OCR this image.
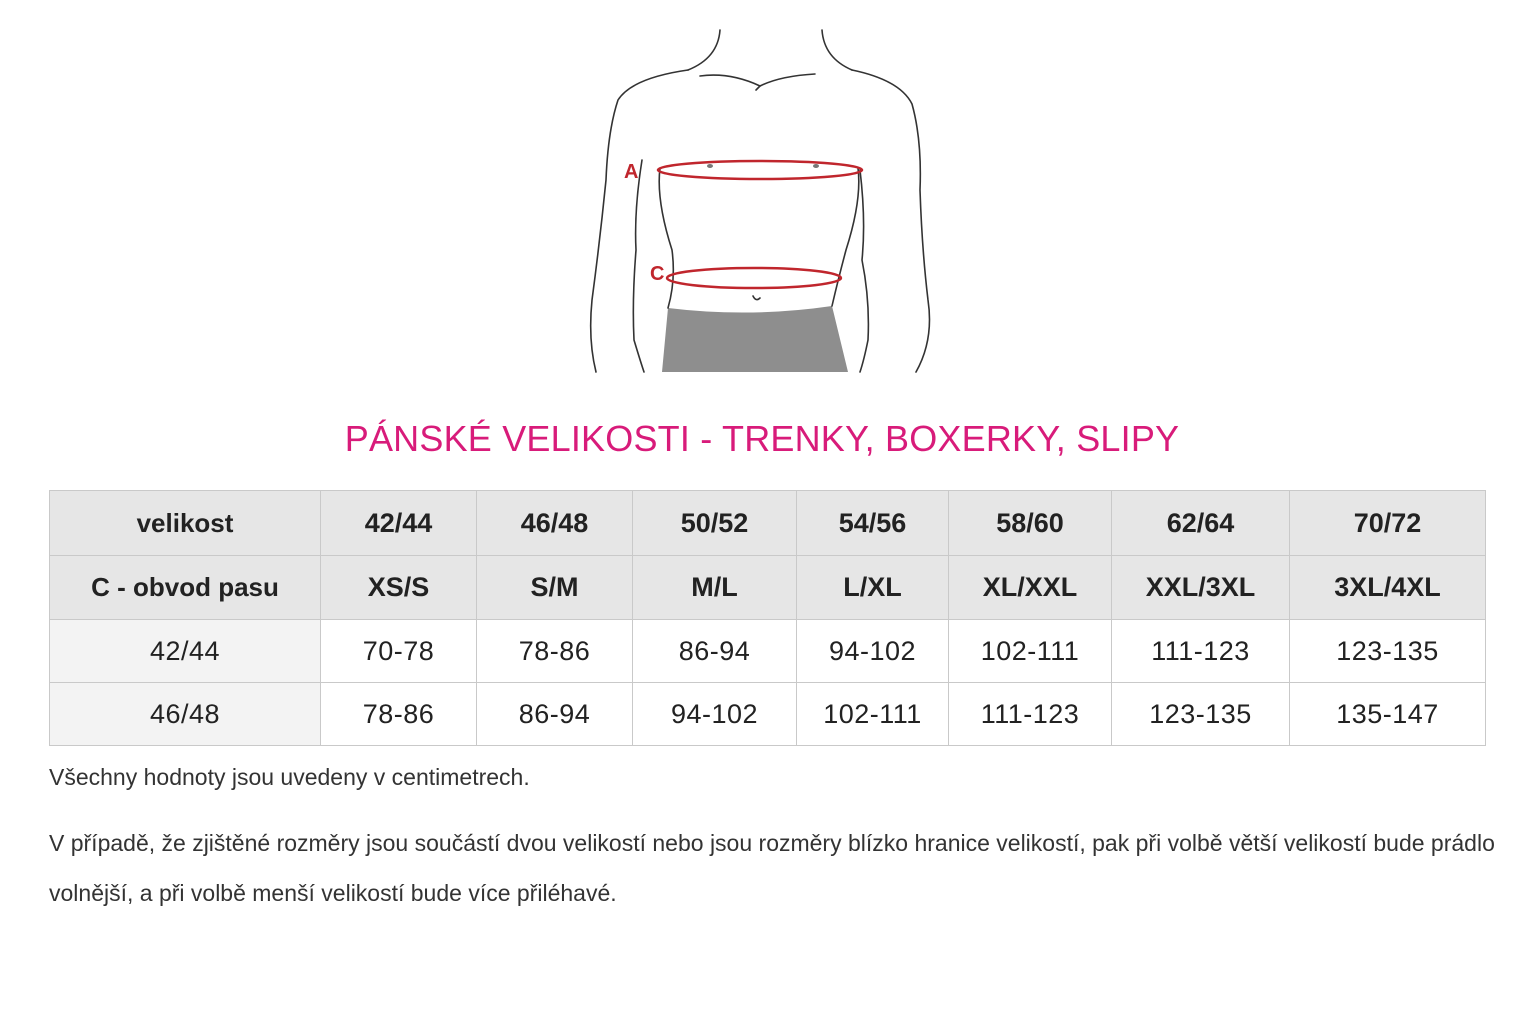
A
C
PÁNSKÉ VELIKOSTI - TRENKY, BOXERKY, SLIPY
velikost	42/44	46/48	50/52	54/56	58/60	62/64	70/72
C - obvod pasu	XS/S	S/M	M/L	L/XL	XL/XXL	XXL/3XL	3XL/4XL
42/44	70-78	78-86	86-94	94-102	102-111	111-123	123-135
46/48	78-86	86-94	94-102	102-111	111-123	123-135	135-147
Všechny hodnoty jsou uvedeny v centimetrech.
V případě, že zjištěné rozměry jsou součástí dvou velikostí nebo jsou rozměry blízko hranice velikostí, pak při volbě větší velikostí bude prádlo volnější, a při volbě menší velikostí bude více přiléhavé.
